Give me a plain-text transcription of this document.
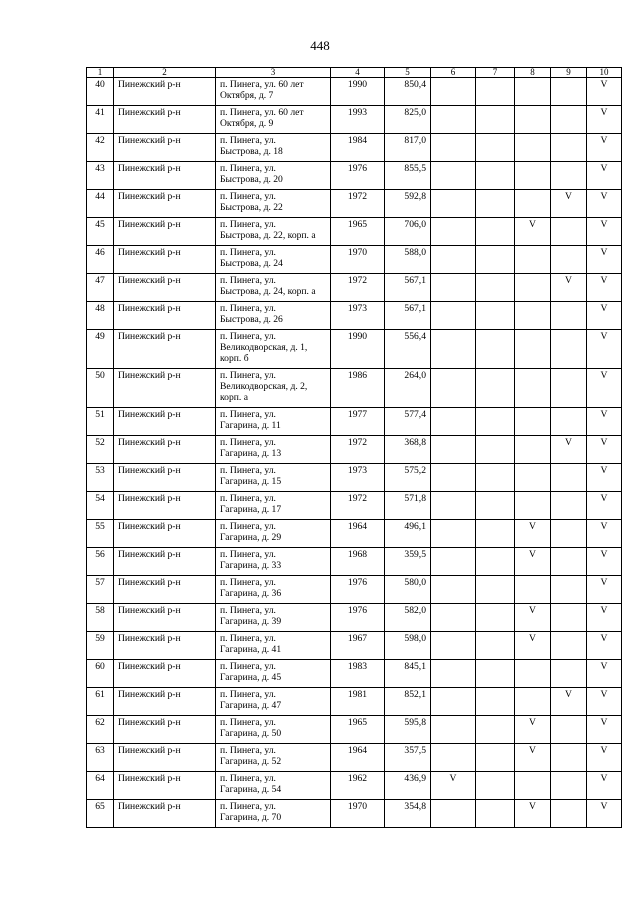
448
1	2	3	4	5	6	7	8	9	10
40	Пинежский р-н	п. Пинега, ул. 60 лет
Октября, д. 7	1990	850,4					V
41	Пинежский р-н	п. Пинега, ул. 60 лет
Октября, д. 9	1993	825,0					V
42	Пинежский р-н	п. Пинега, ул.
Быстрова, д. 18	1984	817,0					V
43	Пинежский р-н	п. Пинега, ул.
Быстрова, д. 20	1976	855,5					V
44	Пинежский р-н	п. Пинега, ул.
Быстрова, д. 22	1972	592,8				V	V
45	Пинежский р-н	п. Пинега, ул.
Быстрова, д. 22, корп. а	1965	706,0			V		V
46	Пинежский р-н	п. Пинега, ул.
Быстрова, д. 24	1970	588,0					V
47	Пинежский р-н	п. Пинега, ул.
Быстрова, д. 24, корп. а	1972	567,1				V	V
48	Пинежский р-н	п. Пинега, ул.
Быстрова, д. 26	1973	567,1					V
49	Пинежский р-н	п. Пинега, ул.
Великодворская, д. 1,
корп. б	1990	556,4					V
50	Пинежский р-н	п. Пинега, ул.
Великодворская, д. 2,
корп. а	1986	264,0					V
51	Пинежский р-н	п. Пинега, ул.
Гагарина, д. 11	1977	577,4					V
52	Пинежский р-н	п. Пинега, ул.
Гагарина, д. 13	1972	368,8				V	V
53	Пинежский р-н	п. Пинега, ул.
Гагарина, д. 15	1973	575,2					V
54	Пинежский р-н	п. Пинега, ул.
Гагарина, д. 17	1972	571,8					V
55	Пинежский р-н	п. Пинега, ул.
Гагарина, д. 29	1964	496,1			V		V
56	Пинежский р-н	п. Пинега, ул.
Гагарина, д. 33	1968	359,5			V		V
57	Пинежский р-н	п. Пинега, ул.
Гагарина, д. 36	1976	580,0					V
58	Пинежский р-н	п. Пинега, ул.
Гагарина, д. 39	1976	582,0			V		V
59	Пинежский р-н	п. Пинега, ул.
Гагарина, д. 41	1967	598,0			V		V
60	Пинежский р-н	п. Пинега, ул.
Гагарина, д. 45	1983	845,1					V
61	Пинежский р-н	п. Пинега, ул.
Гагарина, д. 47	1981	852,1				V	V
62	Пинежский р-н	п. Пинега, ул.
Гагарина, д. 50	1965	595,8			V		V
63	Пинежский р-н	п. Пинега, ул.
Гагарина, д. 52	1964	357,5			V		V
64	Пинежский р-н	п. Пинега, ул.
Гагарина, д. 54	1962	436,9	V				V
65	Пинежский р-н	п. Пинега, ул.
Гагарина, д. 70	1970	354,8			V		V
